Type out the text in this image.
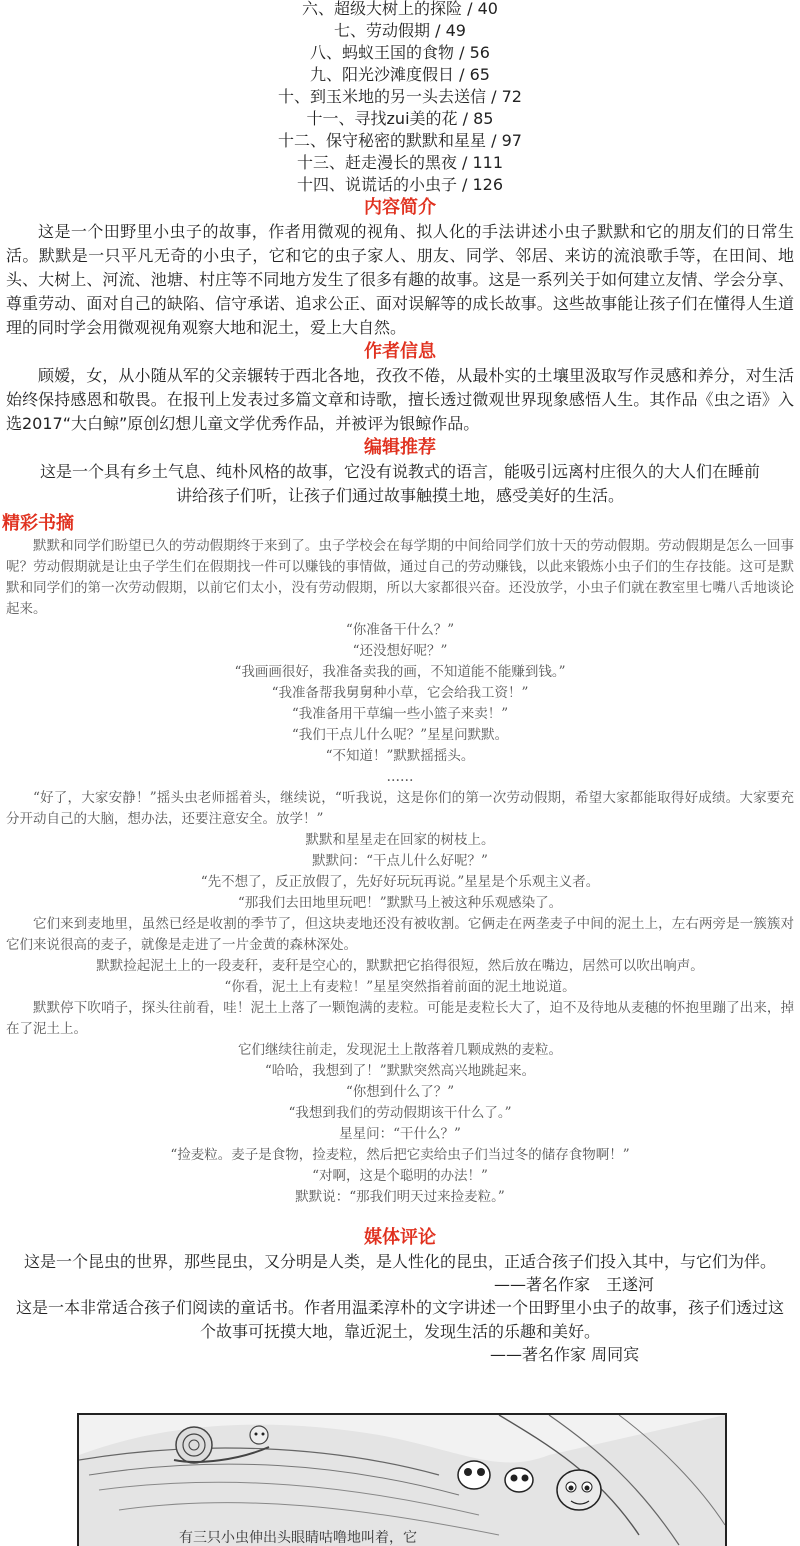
六、超级大树上的探险 / 40
七、劳动假期 / 49
八、蚂蚁王国的食物 / 56
九、阳光沙滩度假日 / 65
十、到玉米地的另一头去送信 / 72
十一、寻找zui美的花 / 85
十二、保守秘密的默默和星星 / 97
十三、赶走漫长的黑夜 / 111
十四、说谎话的小虫子 / 126
内容简介

这是一个田野里小虫子的故事，作者用微观的视角、拟人化的手法讲述小虫子默默和它的朋友们的日常生活。默默是一只平凡无奇的小虫子，它和它的虫子家人、朋友、同学、邻居、来访的流浪歌手等，在田间、地头、大树上、河流、池塘、村庄等不同地方发生了很多有趣的故事。这是一系列关于如何建立友情、学会分享、尊重劳动、面对自己的缺陷、信守承诺、追求公正、面对误解等的成长故事。这些故事能让孩子们在懂得人生道理的同时学会用微观视角观察大地和泥土，爱上大自然。

作者信息

顾嫒，女，从小随从军的父亲辗转于西北各地，孜孜不倦，从最朴实的土壤里汲取写作灵感和养分，对生活始终保持感恩和敬畏。在报刊上发表过多篇文章和诗歌，擅长透过微观世界现象感悟人生。其作品《虫之语》入选2017“大白鲸”原创幻想儿童文学优秀作品，并被评为银鲸作品。

编辑推荐

这是一个具有乡土气息、纯朴风格的故事，它没有说教式的语言，能吸引远离村庄很久的大人们在睡前讲给孩子们听，让孩子们通过故事触摸土地，感受美好的生活。

精彩书摘

默默和同学们盼望已久的劳动假期终于来到了。虫子学校会在每学期的中间给同学们放十天的劳动假期。劳动假期是怎么一回事呢？劳动假期就是让虫子学生们在假期找一件可以赚钱的事情做，通过自己的劳动赚钱，以此来锻炼小虫子们的生存技能。这可是默默和同学们的第一次劳动假期，以前它们太小，没有劳动假期，所以大家都很兴奋。还没放学，小虫子们就在教室里七嘴八舌地谈论起来。

“你准备干什么？”

“还没想好呢？”

“我画画很好，我准备卖我的画，不知道能不能赚到钱。”

“我准备帮我舅舅种小草，它会给我工资！”

“我准备用干草编一些小篮子来卖！”

“我们干点儿什么呢？”星星问默默。

“不知道！”默默摇摇头。

……

“好了，大家安静！”摇头虫老师摇着头，继续说，“听我说，这是你们的第一次劳动假期，希望大家都能取得好成绩。大家要充分开动自己的大脑，想办法，还要注意安全。放学！”

默默和星星走在回家的树枝上。

默默问：“干点儿什么好呢？”

“先不想了，反正放假了，先好好玩玩再说。”星星是个乐观主义者。

“那我们去田地里玩吧！”默默马上被这种乐观感染了。

它们来到麦地里，虽然已经是收割的季节了，但这块麦地还没有被收割。它俩走在两垄麦子中间的泥土上，左右两旁是一簇簇对它们来说很高的麦子，就像是走进了一片金黄的森林深处。

默默捡起泥土上的一段麦秆，麦秆是空心的，默默把它掐得很短，然后放在嘴边，居然可以吹出响声。

“你看，泥土上有麦粒！”星星突然指着前面的泥土地说道。

默默停下吹哨子，探头往前看，哇！泥土上落了一颗饱满的麦粒。可能是麦粒长大了，迫不及待地从麦穗的怀抱里蹦了出来，掉在了泥土上。

它们继续往前走，发现泥土上散落着几颗成熟的麦粒。

“哈哈，我想到了！”默默突然高兴地跳起来。

“你想到什么了？”

“我想到我们的劳动假期该干什么了。”

星星问：“干什么？”

“捡麦粒。麦子是食物，捡麦粒，然后把它卖给虫子们当过冬的储存食物啊！”

“对啊，这是个聪明的办法！”

默默说：“那我们明天过来捡麦粒。”

媒体评论

这是一个昆虫的世界，那些昆虫，又分明是人类，是人性化的昆虫，正适合孩子们投入其中，与它们为伴。

——著名作家　王遂河

这是一本非常适合孩子们阅读的童话书。作者用温柔淳朴的文字讲述一个田野里小虫子的故事，孩子们透过这个故事可抚摸大地，靠近泥土，发现生活的乐趣和美好。

——著名作家 周同宾

有三只小虫伸出头眼睛咕噜地叫着，它
